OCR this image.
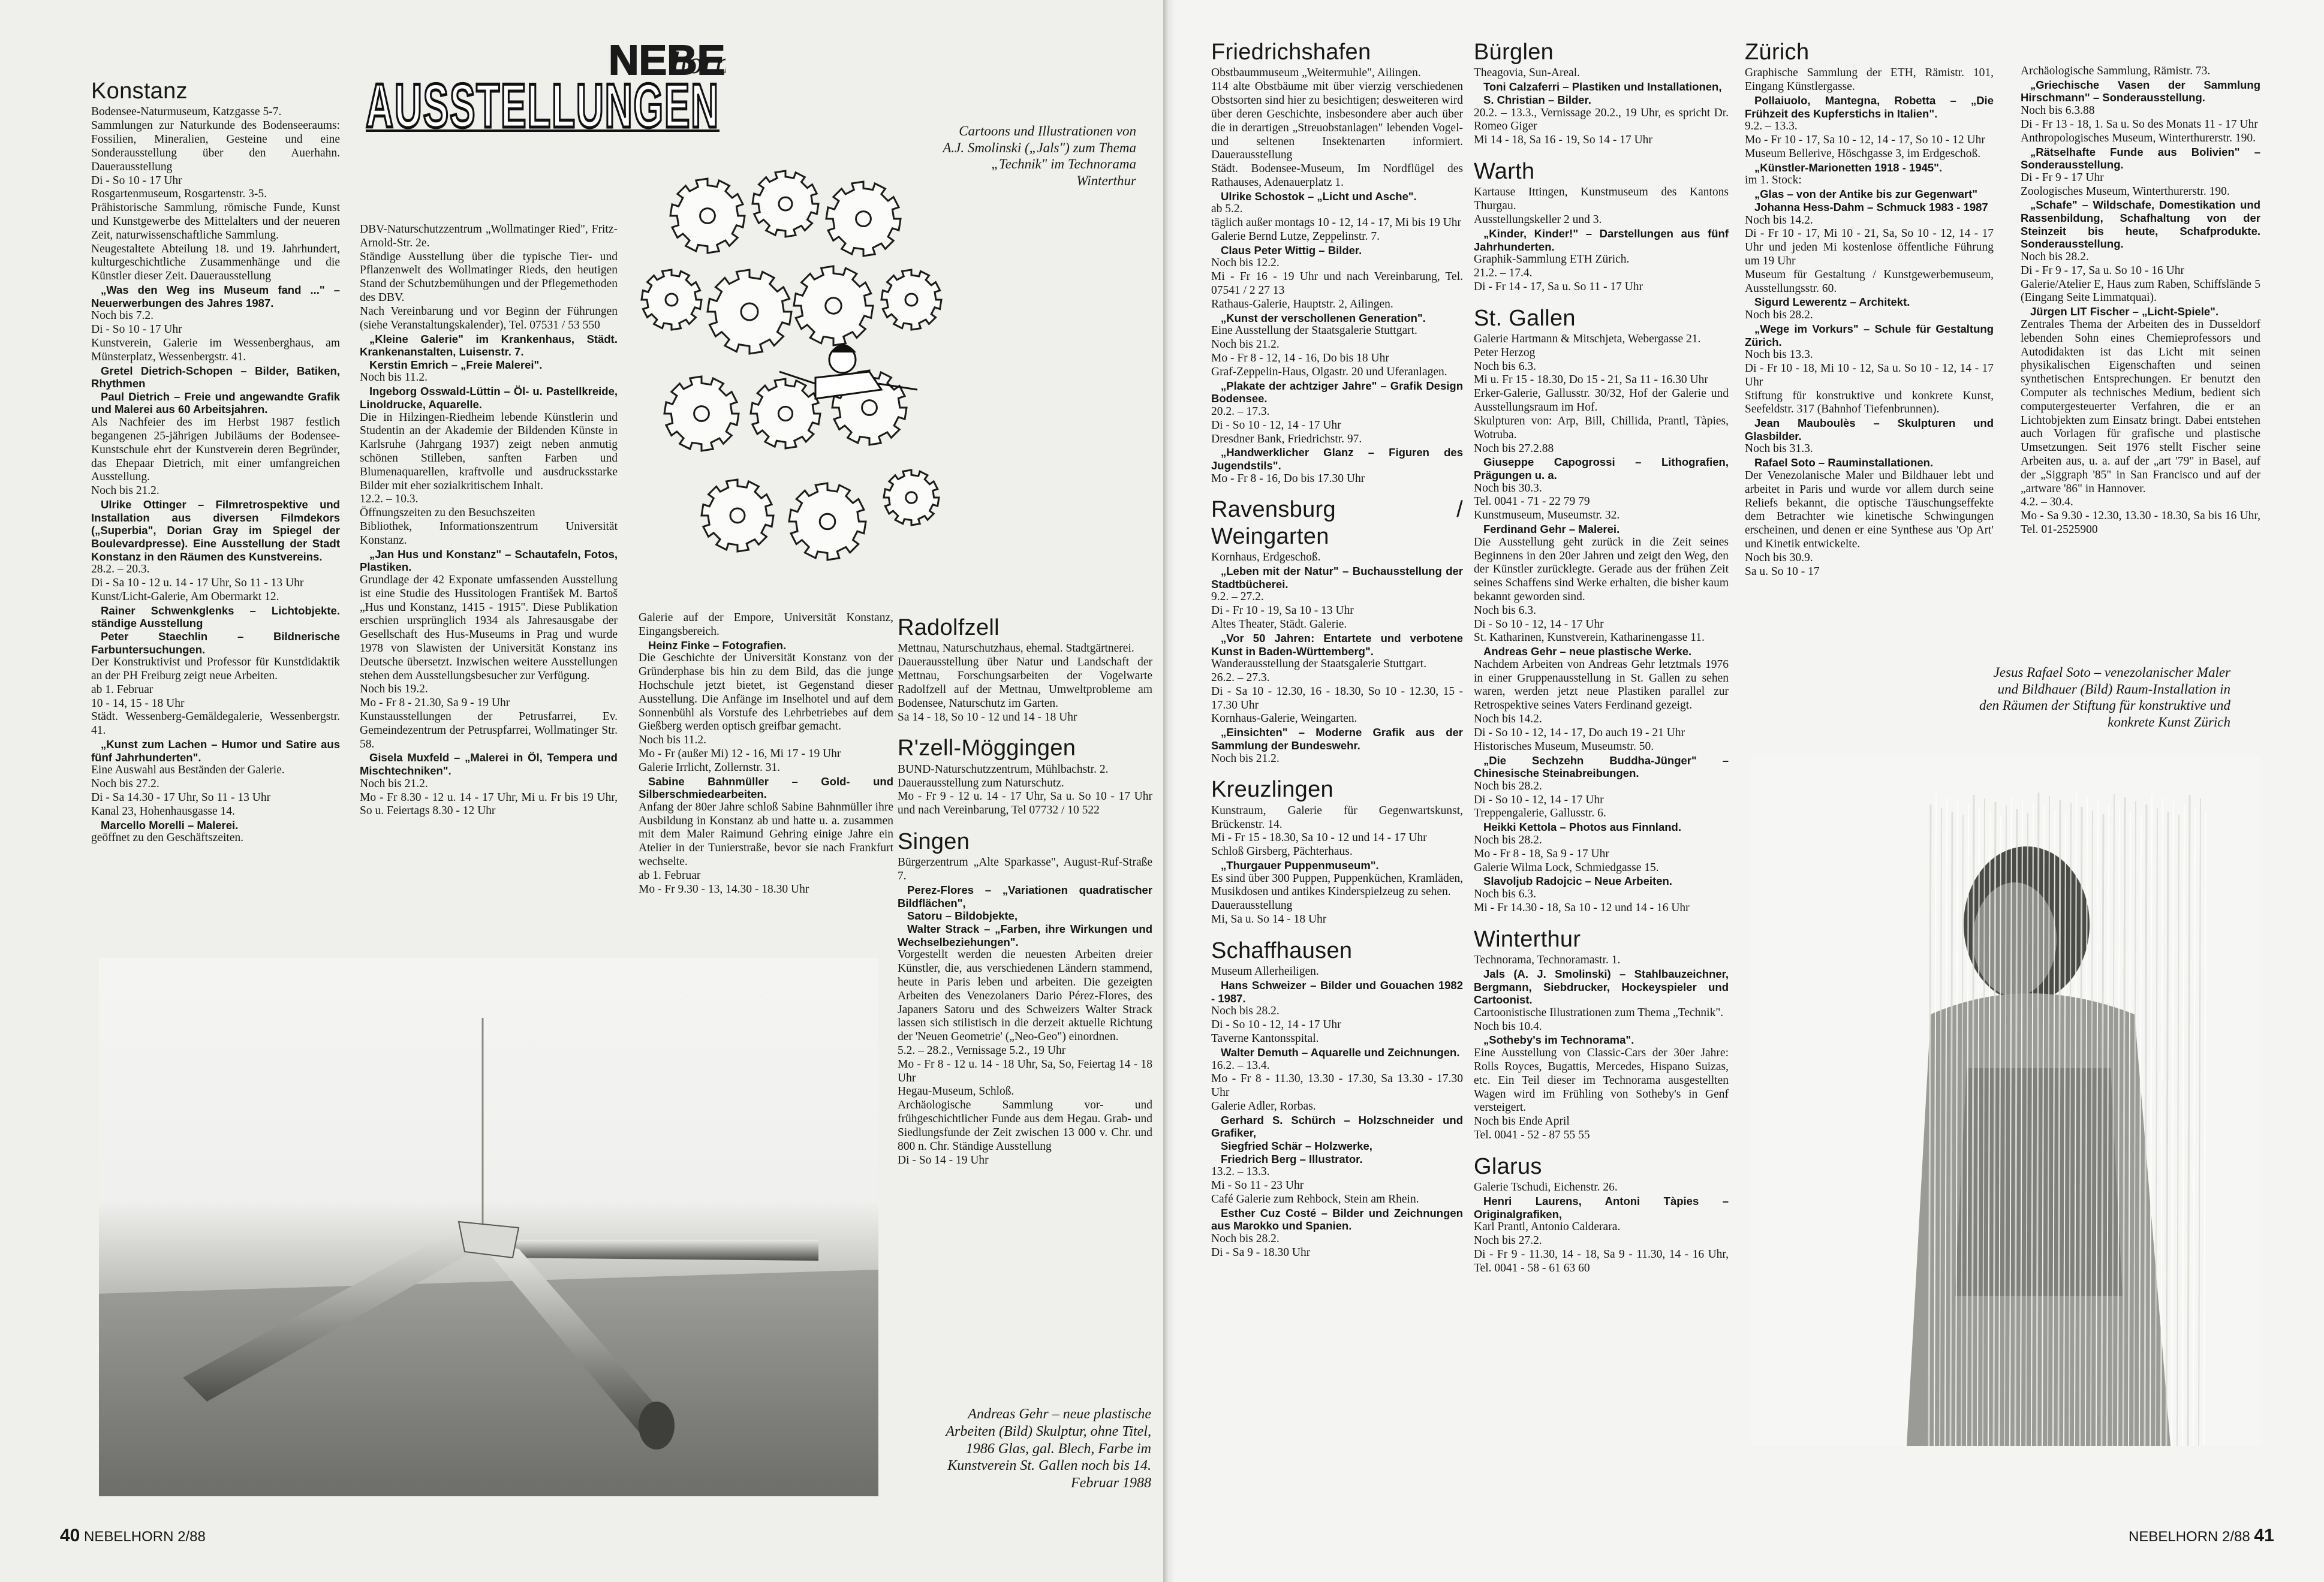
NEBE
horn
AUSSTELLUNGEN
Konstanz
Bodensee-Naturmuseum, Katzgasse 5-7.
Sammlungen zur Naturkunde des Bodenseeraums: Fossilien, Mineralien, Gesteine und eine Sonderausstellung über den Auerhahn. Dauerausstellung
Di - So 10 - 17 Uhr
Rosgartenmuseum, Rosgartenstr. 3-5.
Prähistorische Sammlung, römische Funde, Kunst und Kunstgewerbe des Mittelalters und der neueren Zeit, naturwissenschaftliche Sammlung.
Neugestaltete Abteilung 18. und 19. Jahrhundert, kulturgeschichtliche Zusammenhänge und die Künstler dieser Zeit. Dauerausstellung
„Was den Weg ins Museum fand ..." – Neuerwerbungen des Jahres 1987.
Noch bis 7.2.
Di - So 10 - 17 Uhr
Kunstverein, Galerie im Wessenberghaus, am Münsterplatz, Wessenbergstr. 41.
Gretel Dietrich-Schopen – Bilder, Batiken, Rhythmen
Paul Dietrich – Freie und angewandte Grafik und Malerei aus 60 Arbeitsjahren.
Als Nachfeier des im Herbst 1987 festlich begangenen 25-jährigen Jubiläums der Bodensee-Kunstschule ehrt der Kunstverein deren Begründer, das Ehepaar Dietrich, mit einer umfangreichen Ausstellung.
Noch bis 21.2.
Ulrike Ottinger – Filmretrospektive und Installation aus diversen Filmdekors („Superbia", Dorian Gray im Spiegel der Boulevardpresse). Eine Ausstellung der Stadt Konstanz in den Räumen des Kunstvereins.
28.2. – 20.3.
Di - Sa 10 - 12 u. 14 - 17 Uhr, So 11 - 13 Uhr
Kunst/Licht-Galerie, Am Obermarkt 12.
Rainer Schwenkglenks – Lichtobjekte. ständige Ausstellung
Peter Staechlin – Bildnerische Farbuntersuchungen.
Der Konstruktivist und Professor für Kunstdidaktik an der PH Freiburg zeigt neue Arbeiten.
ab 1. Februar
10 - 14, 15 - 18 Uhr
Städt. Wessenberg-Gemäldegalerie, Wessenbergstr. 41.
„Kunst zum Lachen – Humor und Satire aus fünf Jahrhunderten".
Eine Auswahl aus Beständen der Galerie.
Noch bis 27.2.
Di - Sa 14.30 - 17 Uhr, So 11 - 13 Uhr
Kanal 23, Hohenhausgasse 14.
Marcello Morelli – Malerei.
geöffnet zu den Geschäftszeiten.
DBV-Naturschutzzentrum „Wollmatinger Ried", Fritz-Arnold-Str. 2e.
Ständige Ausstellung über die typische Tier- und Pflanzenwelt des Wollmatinger Rieds, den heutigen Stand der Schutzbemühungen und der Pflegemethoden des DBV.
Nach Vereinbarung und vor Beginn der Führungen (siehe Veranstaltungskalender), Tel. 07531 / 53 550
„Kleine Galerie" im Krankenhaus, Städt. Krankenanstalten, Luisenstr. 7.
Kerstin Emrich – „Freie Malerei".
Noch bis 11.2.
Ingeborg Osswald-Lüttin – Öl- u. Pastellkreide, Linoldrucke, Aquarelle.
Die in Hilzingen-Riedheim lebende Künstlerin und Studentin an der Akademie der Bildenden Künste in Karlsruhe (Jahrgang 1937) zeigt neben anmutig schönen Stilleben, sanften Farben und Blumenaquarellen, kraftvolle und ausdrucksstarke Bilder mit eher sozialkritischem Inhalt.
12.2. – 10.3.
Öffnungszeiten zu den Besuchszeiten
Bibliothek, Informationszentrum Universität Konstanz.
„Jan Hus und Konstanz" – Schautafeln, Fotos, Plastiken.
Grundlage der 42 Exponate umfassenden Ausstellung ist eine Studie des Hussitologen František M. Bartoš „Hus und Konstanz, 1415 - 1915". Diese Publikation erschien ursprünglich 1934 als Jahresausgabe der Gesellschaft des Hus-Museums in Prag und wurde 1978 von Slawisten der Universität Konstanz ins Deutsche übersetzt. Inzwischen weitere Ausstellungen stehen dem Ausstellungsbesucher zur Verfügung.
Noch bis 19.2.
Mo - Fr 8 - 21.30, Sa 9 - 19 Uhr
Kunstausstellungen der Petrusfarrei, Ev. Gemeindezentrum der Petruspfarrei, Wollmatinger Str. 58.
Gisela Muxfeld – „Malerei in Öl, Tempera und Mischtechniken".
Noch bis 21.2.
Mo - Fr 8.30 - 12 u. 14 - 17 Uhr, Mi u. Fr bis 19 Uhr, So u. Feiertags 8.30 - 12 Uhr
Cartoons und Illustrationen von A.J. Smolinski („Jals") zum Thema „Technik" im Technorama Winterthur
Galerie auf der Empore, Universität Konstanz, Eingangsbereich.
Heinz Finke – Fotografien.
Die Geschichte der Universität Konstanz von der Gründerphase bis hin zu dem Bild, das die junge Hochschule jetzt bietet, ist Gegenstand dieser Ausstellung. Die Anfänge im Inselhotel und auf dem Sonnenbühl als Vorstufe des Lehrbetriebes auf dem Gießberg werden optisch greifbar gemacht.
Noch bis 11.2.
Mo - Fr (außer Mi) 12 - 16, Mi 17 - 19 Uhr
Galerie Irrlicht, Zollernstr. 31.
Sabine Bahnmüller – Gold- und Silberschmiedearbeiten.
Anfang der 80er Jahre schloß Sabine Bahnmüller ihre Ausbildung in Konstanz ab und hatte u. a. zusammen mit dem Maler Raimund Gehring einige Jahre ein Atelier in der Tunierstraße, bevor sie nach Frankfurt wechselte.
ab 1. Februar
Mo - Fr 9.30 - 13, 14.30 - 18.30 Uhr
Radolfzell
Mettnau, Naturschutzhaus, ehemal. Stadtgärtnerei.
Dauerausstellung über Natur und Landschaft der Mettnau, Forschungsarbeiten der Vogelwarte Radolfzell auf der Mettnau, Umweltprobleme am Bodensee, Naturschutz im Garten.
Sa 14 - 18, So 10 - 12 und 14 - 18 Uhr
R'zell-Möggingen
BUND-Naturschutzzentrum, Mühlbachstr. 2.
Dauerausstellung zum Naturschutz.
Mo - Fr 9 - 12 u. 14 - 17 Uhr, Sa u. So 10 - 17 Uhr und nach Vereinbarung, Tel 07732 / 10 522
Singen
Bürgerzentrum „Alte Sparkasse", August-Ruf-Straße 7.
Perez-Flores – „Variationen quadratischer Bildflächen",
Satoru – Bildobjekte,
Walter Strack – „Farben, ihre Wirkungen und Wechselbeziehungen".
Vorgestellt werden die neuesten Arbeiten dreier Künstler, die, aus verschiedenen Ländern stammend, heute in Paris leben und arbeiten. Die gezeigten Arbeiten des Venezolaners Dario Pérez-Flores, des Japaners Satoru und des Schweizers Walter Strack lassen sich stilistisch in die derzeit aktuelle Richtung der 'Neuen Geometrie' („Neo-Geo") einordnen.
5.2. – 28.2., Vernissage 5.2., 19 Uhr
Mo - Fr 8 - 12 u. 14 - 18 Uhr, Sa, So, Feiertag 14 - 18 Uhr
Hegau-Museum, Schloß.
Archäologische Sammlung vor- und frühgeschichtlicher Funde aus dem Hegau. Grab- und Siedlungsfunde der Zeit zwischen 13 000 v. Chr. und 800 n. Chr. Ständige Ausstellung
Di - So 14 - 19 Uhr
Andreas Gehr – neue plastische Arbeiten (Bild) Skulptur, ohne Titel, 1986 Glas, gal. Blech, Farbe im Kunstverein St. Gallen noch bis 14. Februar 1988
40 NEBELHORN 2/88
Friedrichshafen
Obstbaummuseum „Weitermuhle", Ailingen.
114 alte Obstbäume mit über vierzig verschiedenen Obstsorten sind hier zu besichtigen; desweiteren wird über deren Geschichte, insbesondere aber auch über die in derartigen „Streuobstanlagen" lebenden Vogel- und seltenen Insektenarten informiert. Dauerausstellung
Städt. Bodensee-Museum, Im Nordflügel des Rathauses, Adenauerplatz 1.
Ulrike Schostok – „Licht und Asche".
ab 5.2.
täglich außer montags 10 - 12, 14 - 17, Mi bis 19 Uhr
Galerie Bernd Lutze, Zeppelinstr. 7.
Claus Peter Wittig – Bilder.
Noch bis 12.2.
Mi - Fr 16 - 19 Uhr und nach Vereinbarung, Tel. 07541 / 2 27 13
Rathaus-Galerie, Hauptstr. 2, Ailingen.
„Kunst der verschollenen Generation".
Eine Ausstellung der Staatsgalerie Stuttgart.
Noch bis 21.2.
Mo - Fr 8 - 12, 14 - 16, Do bis 18 Uhr
Graf-Zeppelin-Haus, Olgastr. 20 und Uferanlagen.
„Plakate der achtziger Jahre" – Grafik Design Bodensee.
20.2. – 17.3.
Di - So 10 - 12, 14 - 17 Uhr
Dresdner Bank, Friedrichstr. 97.
„Handwerklicher Glanz – Figuren des Jugendstils".
Mo - Fr 8 - 16, Do bis 17.30 Uhr
Ravensburg / Weingarten
Kornhaus, Erdgeschoß.
„Leben mit der Natur" – Buchausstellung der Stadtbücherei.
9.2. – 27.2.
Di - Fr 10 - 19, Sa 10 - 13 Uhr
Altes Theater, Städt. Galerie.
„Vor 50 Jahren: Entartete und verbotene Kunst in Baden-Württemberg".
Wanderausstellung der Staatsgalerie Stuttgart.
26.2. – 27.3.
Di - Sa 10 - 12.30, 16 - 18.30, So 10 - 12.30, 15 - 17.30 Uhr
Kornhaus-Galerie, Weingarten.
„Einsichten" – Moderne Grafik aus der Sammlung der Bundeswehr.
Noch bis 21.2.
Kreuzlingen
Kunstraum, Galerie für Gegenwartskunst, Brückenstr. 14.
Mi - Fr 15 - 18.30, Sa 10 - 12 und 14 - 17 Uhr
Schloß Girsberg, Pächterhaus.
„Thurgauer Puppenmuseum".
Es sind über 300 Puppen, Puppenküchen, Kramläden, Musikdosen und antikes Kinderspielzeug zu sehen.
Dauerausstellung
Mi, Sa u. So 14 - 18 Uhr
Schaffhausen
Museum Allerheiligen.
Hans Schweizer – Bilder und Gouachen 1982 - 1987.
Noch bis 28.2.
Di - So 10 - 12, 14 - 17 Uhr
Taverne Kantonsspital.
Walter Demuth – Aquarelle und Zeichnungen.
16.2. – 13.4.
Mo - Fr 8 - 11.30, 13.30 - 17.30, Sa 13.30 - 17.30 Uhr
Galerie Adler, Rorbas.
Gerhard S. Schürch – Holzschneider und Grafiker,
Siegfried Schär – Holzwerke,
Friedrich Berg – Illustrator.
13.2. – 13.3.
Mi - So 11 - 23 Uhr
Café Galerie zum Rehbock, Stein am Rhein.
Esther Cuz Costé – Bilder und Zeichnungen aus Marokko und Spanien.
Noch bis 28.2.
Di - Sa 9 - 18.30 Uhr
Bürglen
Theagovia, Sun-Areal.
Toni Calzaferri – Plastiken und Installationen,
S. Christian – Bilder.
20.2. – 13.3., Vernissage 20.2., 19 Uhr, es spricht Dr. Romeo Giger
Mi 14 - 18, Sa 16 - 19, So 14 - 17 Uhr
Warth
Kartause Ittingen, Kunstmuseum des Kantons Thurgau.
Ausstellungskeller 2 und 3.
„Kinder, Kinder!" – Darstellungen aus fünf Jahrhunderten.
Graphik-Sammlung ETH Zürich.
21.2. – 17.4.
Di - Fr 14 - 17, Sa u. So 11 - 17 Uhr
St. Gallen
Galerie Hartmann & Mitschjeta, Webergasse 21.
Peter Herzog
Noch bis 6.3.
Mi u. Fr 15 - 18.30, Do 15 - 21, Sa 11 - 16.30 Uhr
Erker-Galerie, Gallusstr. 30/32, Hof der Galerie und Ausstellungsraum im Hof.
Skulpturen von: Arp, Bill, Chillida, Prantl, Tàpies, Wotruba.
Noch bis 27.2.88
Giuseppe Capogrossi – Lithografien, Prägungen u. a.
Noch bis 30.3.
Tel. 0041 - 71 - 22 79 79
Kunstmuseum, Museumstr. 32.
Ferdinand Gehr – Malerei.
Die Ausstellung geht zurück in die Zeit seines Beginnens in den 20er Jahren und zeigt den Weg, den der Künstler zurücklegte. Gerade aus der frühen Zeit seines Schaffens sind Werke erhalten, die bisher kaum bekannt geworden sind.
Noch bis 6.3.
Di - So 10 - 12, 14 - 17 Uhr
St. Katharinen, Kunstverein, Katharinengasse 11.
Andreas Gehr – neue plastische Werke.
Nachdem Arbeiten von Andreas Gehr letztmals 1976 in einer Gruppenausstellung in St. Gallen zu sehen waren, werden jetzt neue Plastiken parallel zur Retrospektive seines Vaters Ferdinand gezeigt.
Noch bis 14.2.
Di - So 10 - 12, 14 - 17, Do auch 19 - 21 Uhr
Historisches Museum, Museumstr. 50.
„Die Sechzehn Buddha-Jünger" – Chinesische Steinabreibungen.
Noch bis 28.2.
Di - So 10 - 12, 14 - 17 Uhr
Treppengalerie, Gallusstr. 6.
Heikki Kettola – Photos aus Finnland.
Noch bis 28.2.
Mo - Fr 8 - 18, Sa 9 - 17 Uhr
Galerie Wilma Lock, Schmiedgasse 15.
Slavoljub Radojcic – Neue Arbeiten.
Noch bis 6.3.
Mi - Fr 14.30 - 18, Sa 10 - 12 und 14 - 16 Uhr
Winterthur
Technorama, Technoramastr. 1.
Jals (A. J. Smolinski) – Stahlbauzeichner, Bergmann, Siebdrucker, Hockeyspieler und Cartoonist.
Cartoonistische Illustrationen zum Thema „Technik".
Noch bis 10.4.
„Sotheby's im Technorama".
Eine Ausstellung von Classic-Cars der 30er Jahre: Rolls Royces, Bugattis, Mercedes, Hispano Suizas, etc. Ein Teil dieser im Technorama ausgestellten Wagen wird im Frühling von Sotheby's in Genf versteigert.
Noch bis Ende April
Tel. 0041 - 52 - 87 55 55
Glarus
Galerie Tschudi, Eichenstr. 26.
Henri Laurens, Antoni Tàpies – Originalgrafiken,
Karl Prantl, Antonio Calderara.
Noch bis 27.2.
Di - Fr 9 - 11.30, 14 - 18, Sa 9 - 11.30, 14 - 16 Uhr, Tel. 0041 - 58 - 61 63 60
Zürich
Graphische Sammlung der ETH, Rämistr. 101, Eingang Künstlergasse.
Pollaiuolo, Mantegna, Robetta – „Die Frühzeit des Kupferstichs in Italien".
9.2. – 13.3.
Mo - Fr 10 - 17, Sa 10 - 12, 14 - 17, So 10 - 12 Uhr
Museum Bellerive, Höschgasse 3, im Erdgeschoß.
„Künstler-Marionetten 1918 - 1945".
im 1. Stock:
„Glas – von der Antike bis zur Gegenwart"
Johanna Hess-Dahm – Schmuck 1983 - 1987
Noch bis 14.2.
Di - Fr 10 - 17, Mi 10 - 21, Sa, So 10 - 12, 14 - 17 Uhr und jeden Mi kostenlose öffentliche Führung um 19 Uhr
Museum für Gestaltung / Kunstgewerbemuseum, Ausstellungsstr. 60.
Sigurd Lewerentz – Architekt.
Noch bis 28.2.
„Wege im Vorkurs" – Schule für Gestaltung Zürich.
Noch bis 13.3.
Di - Fr 10 - 18, Mi 10 - 12, Sa u. So 10 - 12, 14 - 17 Uhr
Stiftung für konstruktive und konkrete Kunst, Seefeldstr. 317 (Bahnhof Tiefenbrunnen).
Jean Mauboulès – Skulpturen und Glasbilder.
Noch bis 31.3.
Rafael Soto – Rauminstallationen.
Der Venezolanische Maler und Bildhauer lebt und arbeitet in Paris und wurde vor allem durch seine Reliefs bekannt, die optische Täuschungseffekte dem Betrachter wie kinetische Schwingungen erscheinen, und denen er eine Synthese aus 'Op Art' und Kinetik entwickelte.
Noch bis 30.9.
Sa u. So 10 - 17
Archäologische Sammlung, Rämistr. 73.
„Griechische Vasen der Sammlung Hirschmann" – Sonderausstellung.
Noch bis 6.3.88
Di - Fr 13 - 18, 1. Sa u. So des Monats 11 - 17 Uhr
Anthropologisches Museum, Winterthurerstr. 190.
„Rätselhafte Funde aus Bolivien" – Sonderausstellung.
Di - Fr 9 - 17 Uhr
Zoologisches Museum, Winterthurerstr. 190.
„Schafe" – Wildschafe, Domestikation und Rassenbildung, Schafhaltung von der Steinzeit bis heute, Schafprodukte. Sonderausstellung.
Noch bis 28.2.
Di - Fr 9 - 17, Sa u. So 10 - 16 Uhr
Galerie/Atelier E, Haus zum Raben, Schiffslände 5 (Eingang Seite Limmatquai).
Jürgen LIT Fischer – „Licht-Spiele".
Zentrales Thema der Arbeiten des in Dusseldorf lebenden Sohn eines Chemieprofessors und Autodidakten ist das Licht mit seinen physikalischen Eigenschaften und seinen synthetischen Entsprechungen. Er benutzt den Computer als technisches Medium, bedient sich computergesteuerter Verfahren, die er an Lichtobjekten zum Einsatz bringt. Dabei entstehen auch Vorlagen für grafische und plastische Umsetzungen. Seit 1976 stellt Fischer seine Arbeiten aus, u. a. auf der „art '79" in Basel, auf der „Siggraph '85" in San Francisco und auf der „artware '86" in Hannover.
4.2. – 30.4.
Mo - Sa 9.30 - 12.30, 13.30 - 18.30, Sa bis 16 Uhr, Tel. 01-2525900
Jesus Rafael Soto – venezolanischer Maler und Bildhauer (Bild) Raum-Installation in den Räumen der Stiftung für konstruktive und konkrete Kunst Zürich
NEBELHORN 2/88 41
